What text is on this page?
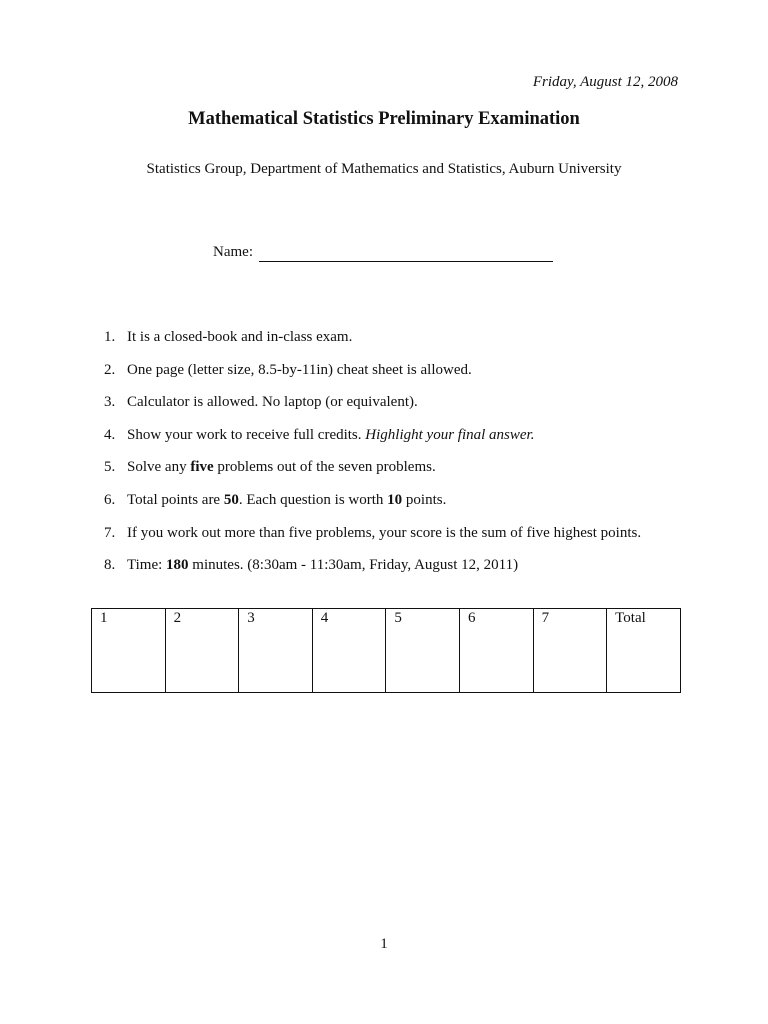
Friday, August 12, 2008
Mathematical Statistics Preliminary Examination
Statistics Group, Department of Mathematics and Statistics, Auburn University
Name:
1. It is a closed-book and in-class exam.
2. One page (letter size, 8.5-by-11in) cheat sheet is allowed.
3. Calculator is allowed. No laptop (or equivalent).
4. Show your work to receive full credits. Highlight your final answer.
5. Solve any five problems out of the seven problems.
6. Total points are 50. Each question is worth 10 points.
7. If you work out more than five problems, your score is the sum of five highest points.
8. Time: 180 minutes. (8:30am - 11:30am, Friday, August 12, 2011)
1	2	3	4	5	6	7	Total
1
